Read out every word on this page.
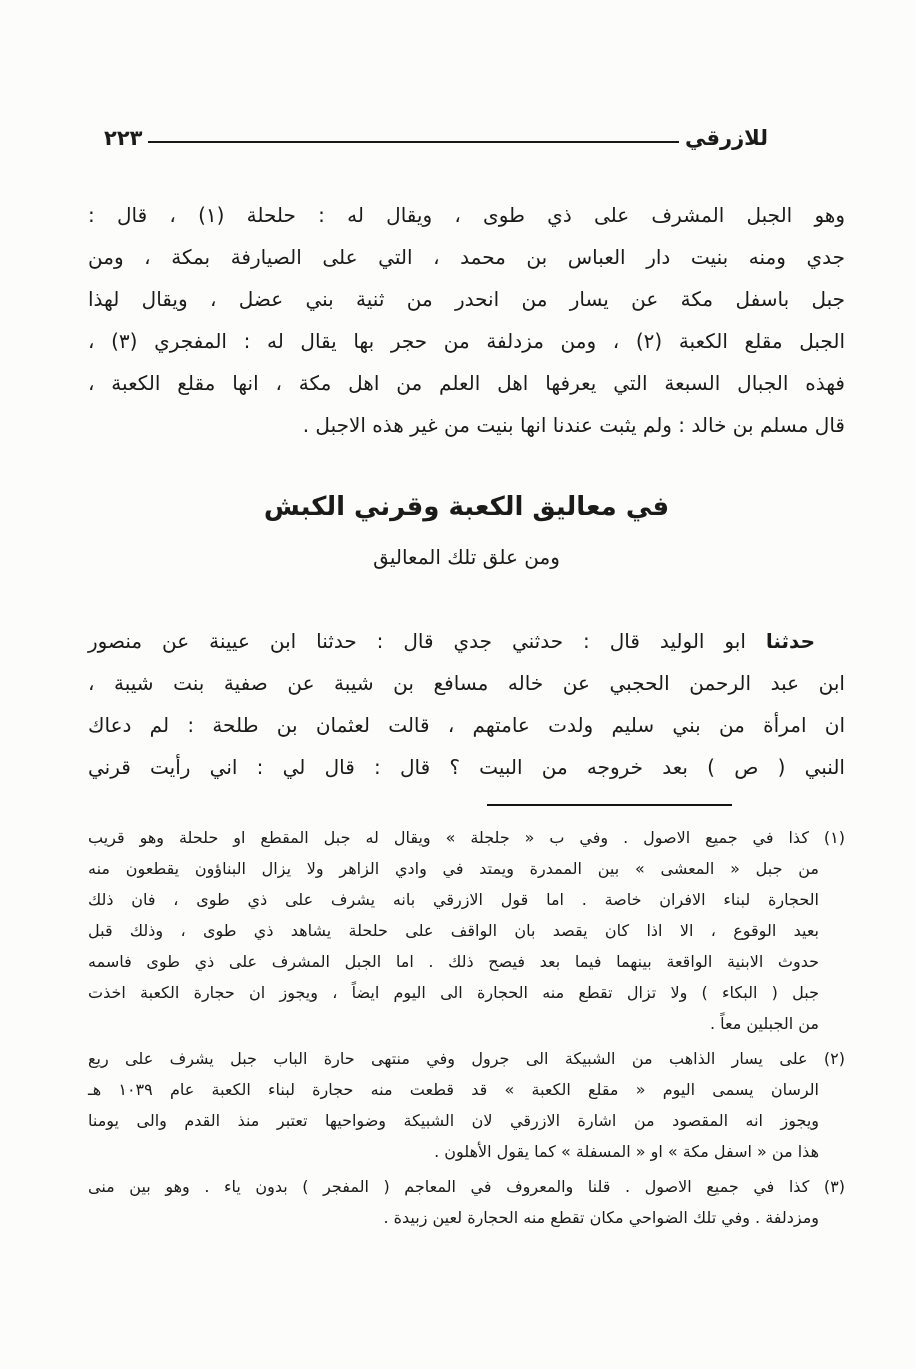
٢٢٣	للازرقي
وهو الجبل المشرف على ذي طوى ، ويقال له : حلحلة (١) ، قال :
جدي ومنه بنيت دار العباس بن محمد ، التي على الصيارفة بمكة ، ومن
جبل باسفل مكة عن يسار من انحدر من ثنية بني عضل ، ويقال لهذا
الجبل مقلع الكعبة (٢) ، ومن مزدلفة من حجر بها يقال له : المفجري (٣) ،
فهذه الجبال السبعة التي يعرفها اهل العلم من اهل مكة ، انها مقلع الكعبة ،
قال مسلم بن خالد : ولم يثبت عندنا انها بنيت من غير هذه الاجبل .
في معاليق الكعبة وقرني الكبش
ومن علق تلك المعاليق
حدثنا ابو الوليد قال : حدثني جدي قال : حدثنا ابن عيينة عن منصور
ابن عبد الرحمن الحجبي عن خاله مسافع بن شيبة عن صفية بنت شيبة ،
ان امرأة من بني سليم ولدت عامتهم ، قالت لعثمان بن طلحة : لم دعاك
النبي ( ص ) بعد خروجه من البيت ؟ قال : قال لي : اني رأيت قرني
(١) كذا في جميع الاصول . وفي ب « جلجلة » ويقال له جبل المقطع او حلحلة وهو قريب
من جبل « المعشى » بين الممدرة ويمتد في وادي الزاهر ولا يزال البناؤون يقطعون منه
الحجارة لبناء الافران خاصة . اما قول الازرقي بانه يشرف على ذي طوى ، فان ذلك
بعيد الوقوع ، الا اذا كان يقصد بان الواقف على حلحلة يشاهد ذي طوى ، وذلك قبل
حدوث الابنية الواقعة بينهما فيما بعد فيصح ذلك . اما الجبل المشرف على ذي طوى فاسمه
جبل ( البكاء ) ولا تزال تقطع منه الحجارة الى اليوم ايضاً ، ويجوز ان حجارة الكعبة اخذت
من الجبلين معاً .
(٢) على يسار الذاهب من الشبيكة الى جرول وفي منتهى حارة الباب جبل يشرف على ريع
الرسان يسمى اليوم « مقلع الكعبة » قد قطعت منه حجارة لبناء الكعبة عام ١٠٣٩ هـ
ويجوز انه المقصود من اشارة الازرقي لان الشبيكة وضواحيها تعتبر منذ القدم والى يومنا
هذا من « اسفل مكة » او « المسفلة » كما يقول الأهلون .
(٣) كذا في جميع الاصول . قلنا والمعروف في المعاجم ( المفجر ) بدون ياء . وهو بين منى
ومزدلفة . وفي تلك الضواحي مكان تقطع منه الحجارة لعين زبيدة .
